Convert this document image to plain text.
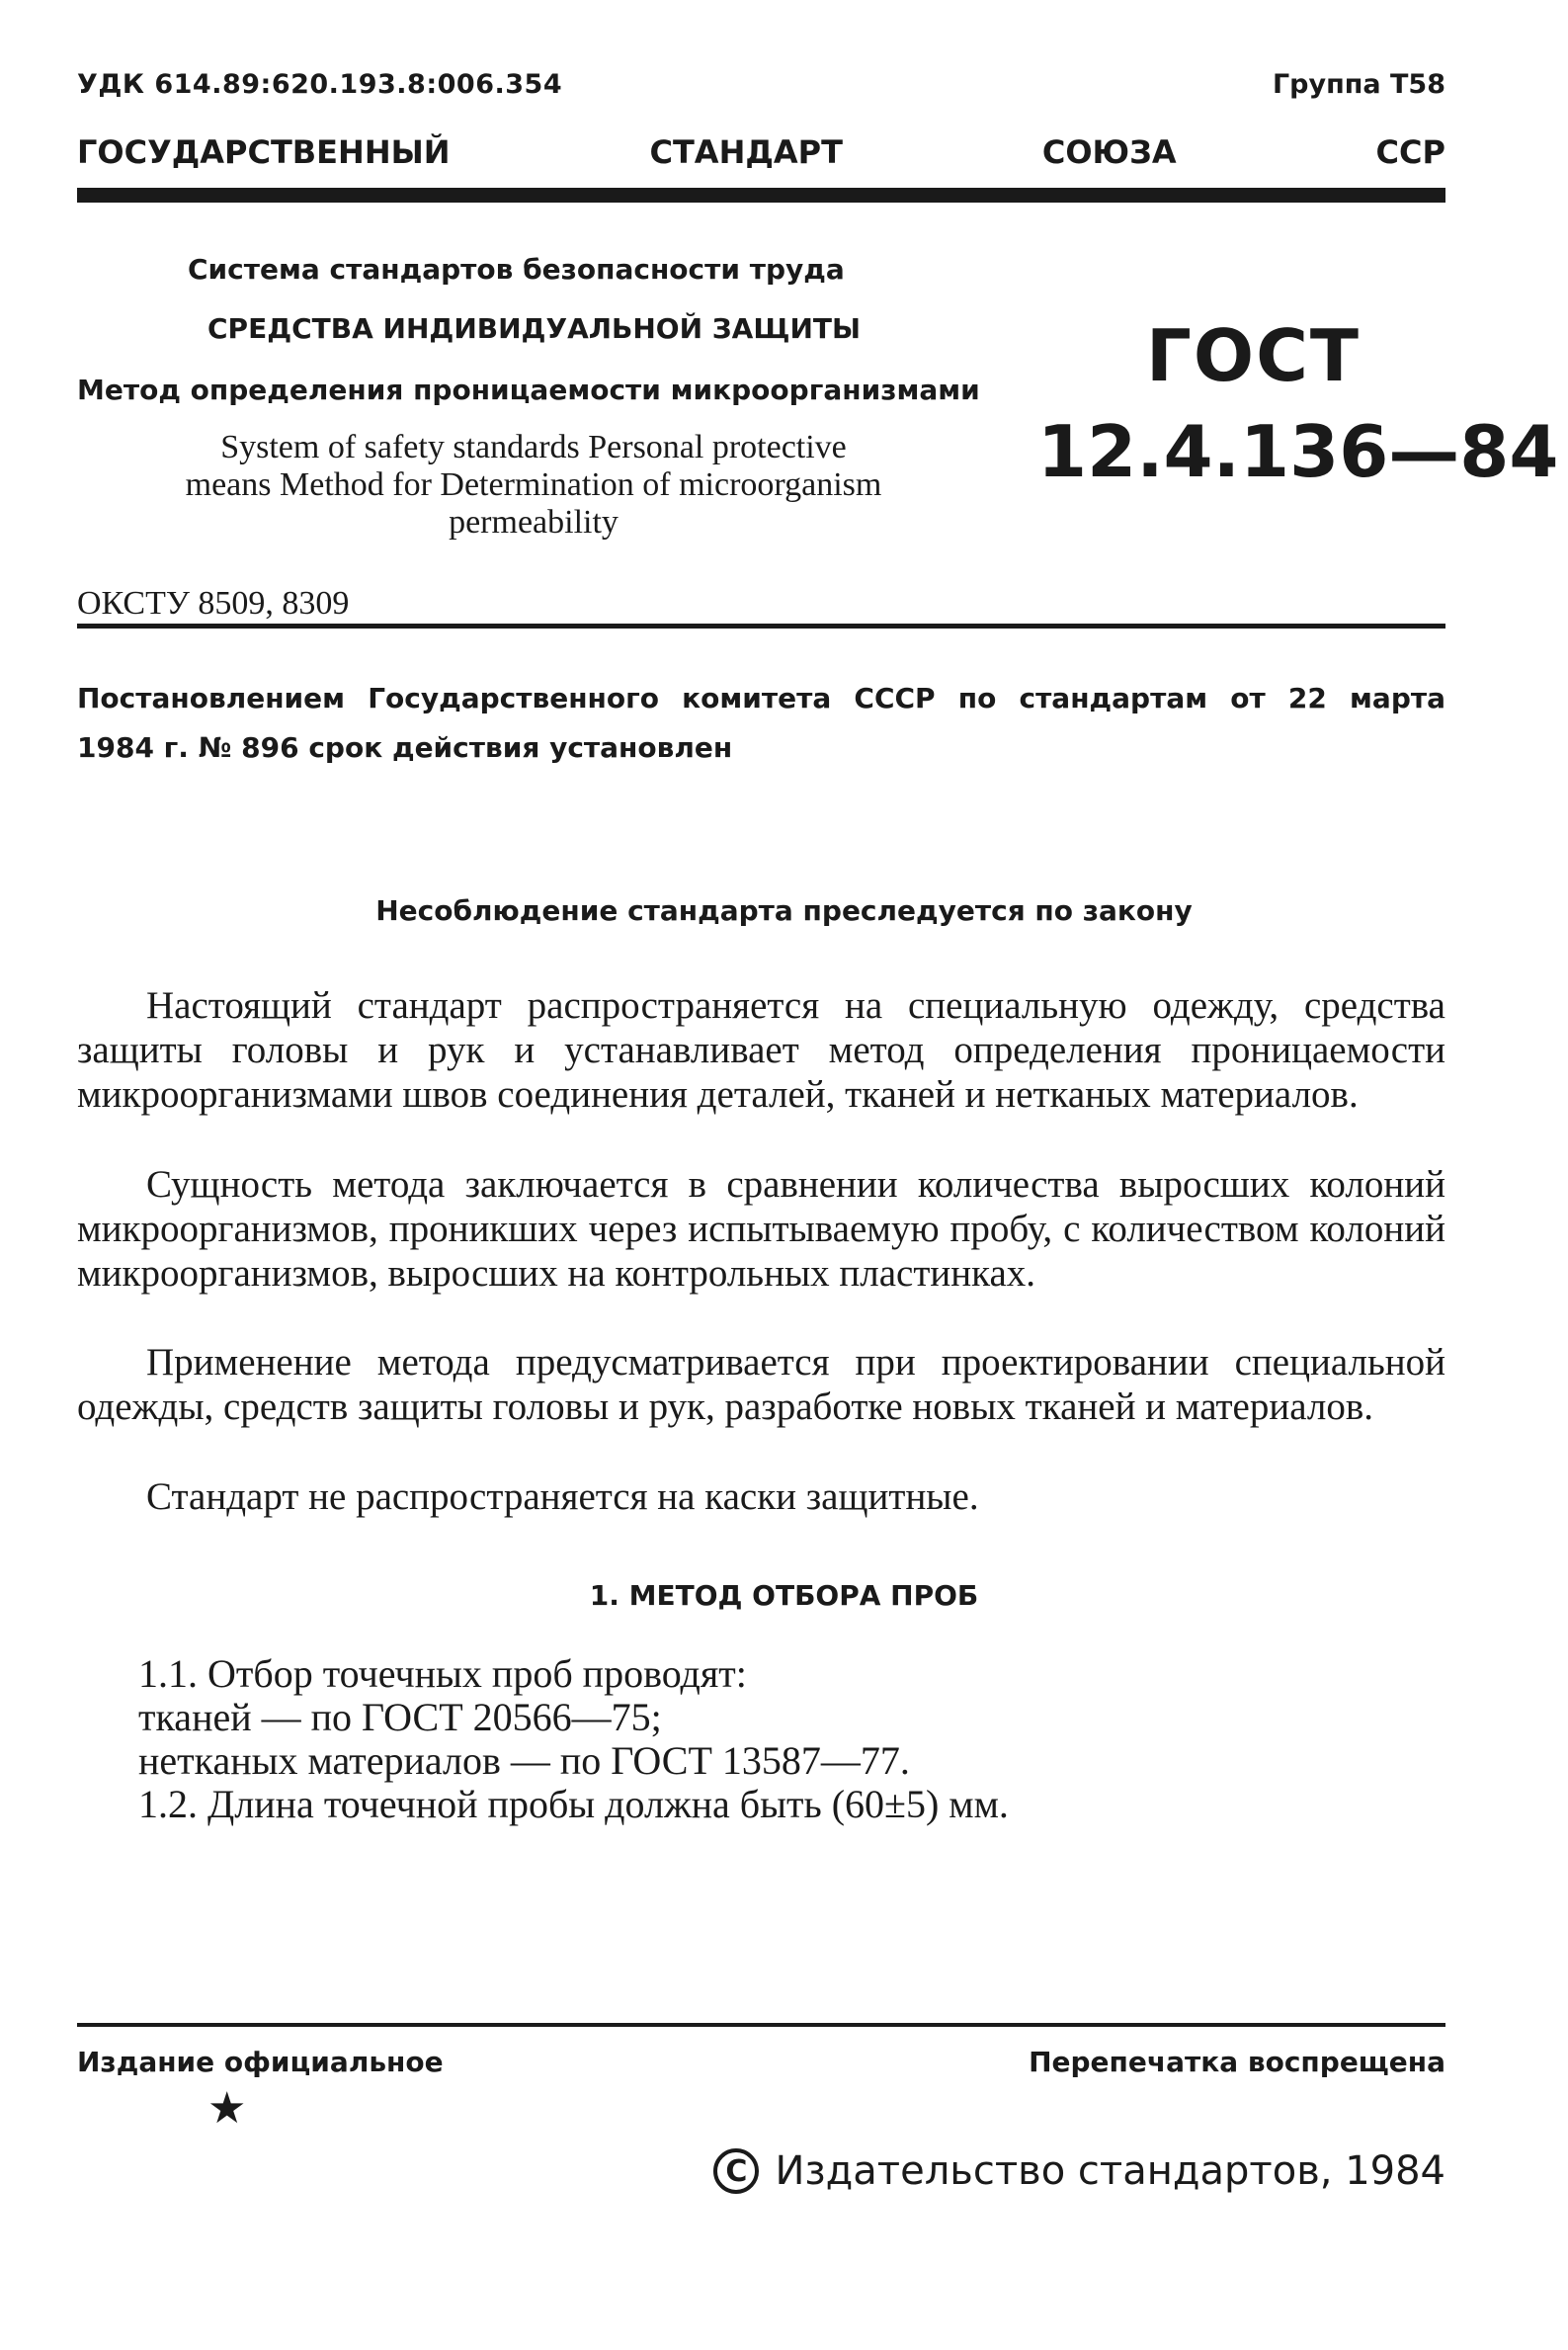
УДК 614.89:620.193.8:006.354	Группа Т58
ГОСУДАРСТВЕННЫЙ	СТАНДАРТ	СОЮЗА	ССР
Система стандартов безопасности труда
СРЕДСТВА ИНДИВИДУАЛЬНОЙ ЗАЩИТЫ
Метод определения проницаемости микроорганизмами
System of safety standards Personal protective
means Method for Determination of microorganism
permeability
ГОСТ
12.4.136—84
ОКСТУ 8509, 8309
Постановлением Государственного комитета СССР по стандартам от 22 марта
1984 г. № 896 срок действия установлен
Несоблюдение стандарта преследуется по закону

Настоящий стандарт распространяется на специальную одежду, средства защиты головы и рук и устанавливает метод определения проницаемости микроорганизмами швов соединения деталей, тканей и нетканых материалов.

Сущность метода заключается в сравнении количества выросших колоний микроорганизмов, проникших через испытываемую пробу, с количеством колоний микроорганизмов, выросших на контрольных пластинках.

Применение метода предусматривается при проектировании специальной одежды, средств защиты головы и рук, разработке новых тканей и материалов.

Стандарт не распространяется на каски защитные.

1. МЕТОД ОТБОРА ПРОБ
1.1. Отбор точечных проб проводят:
тканей — по ГОСТ 20566—75;
нетканых материалов — по ГОСТ 13587—77.
1.2. Длина точечной пробы должна быть (60±5) мм.
Издание официальное	Перепечатка воспрещена
★
C Издательство стандартов, 1984
